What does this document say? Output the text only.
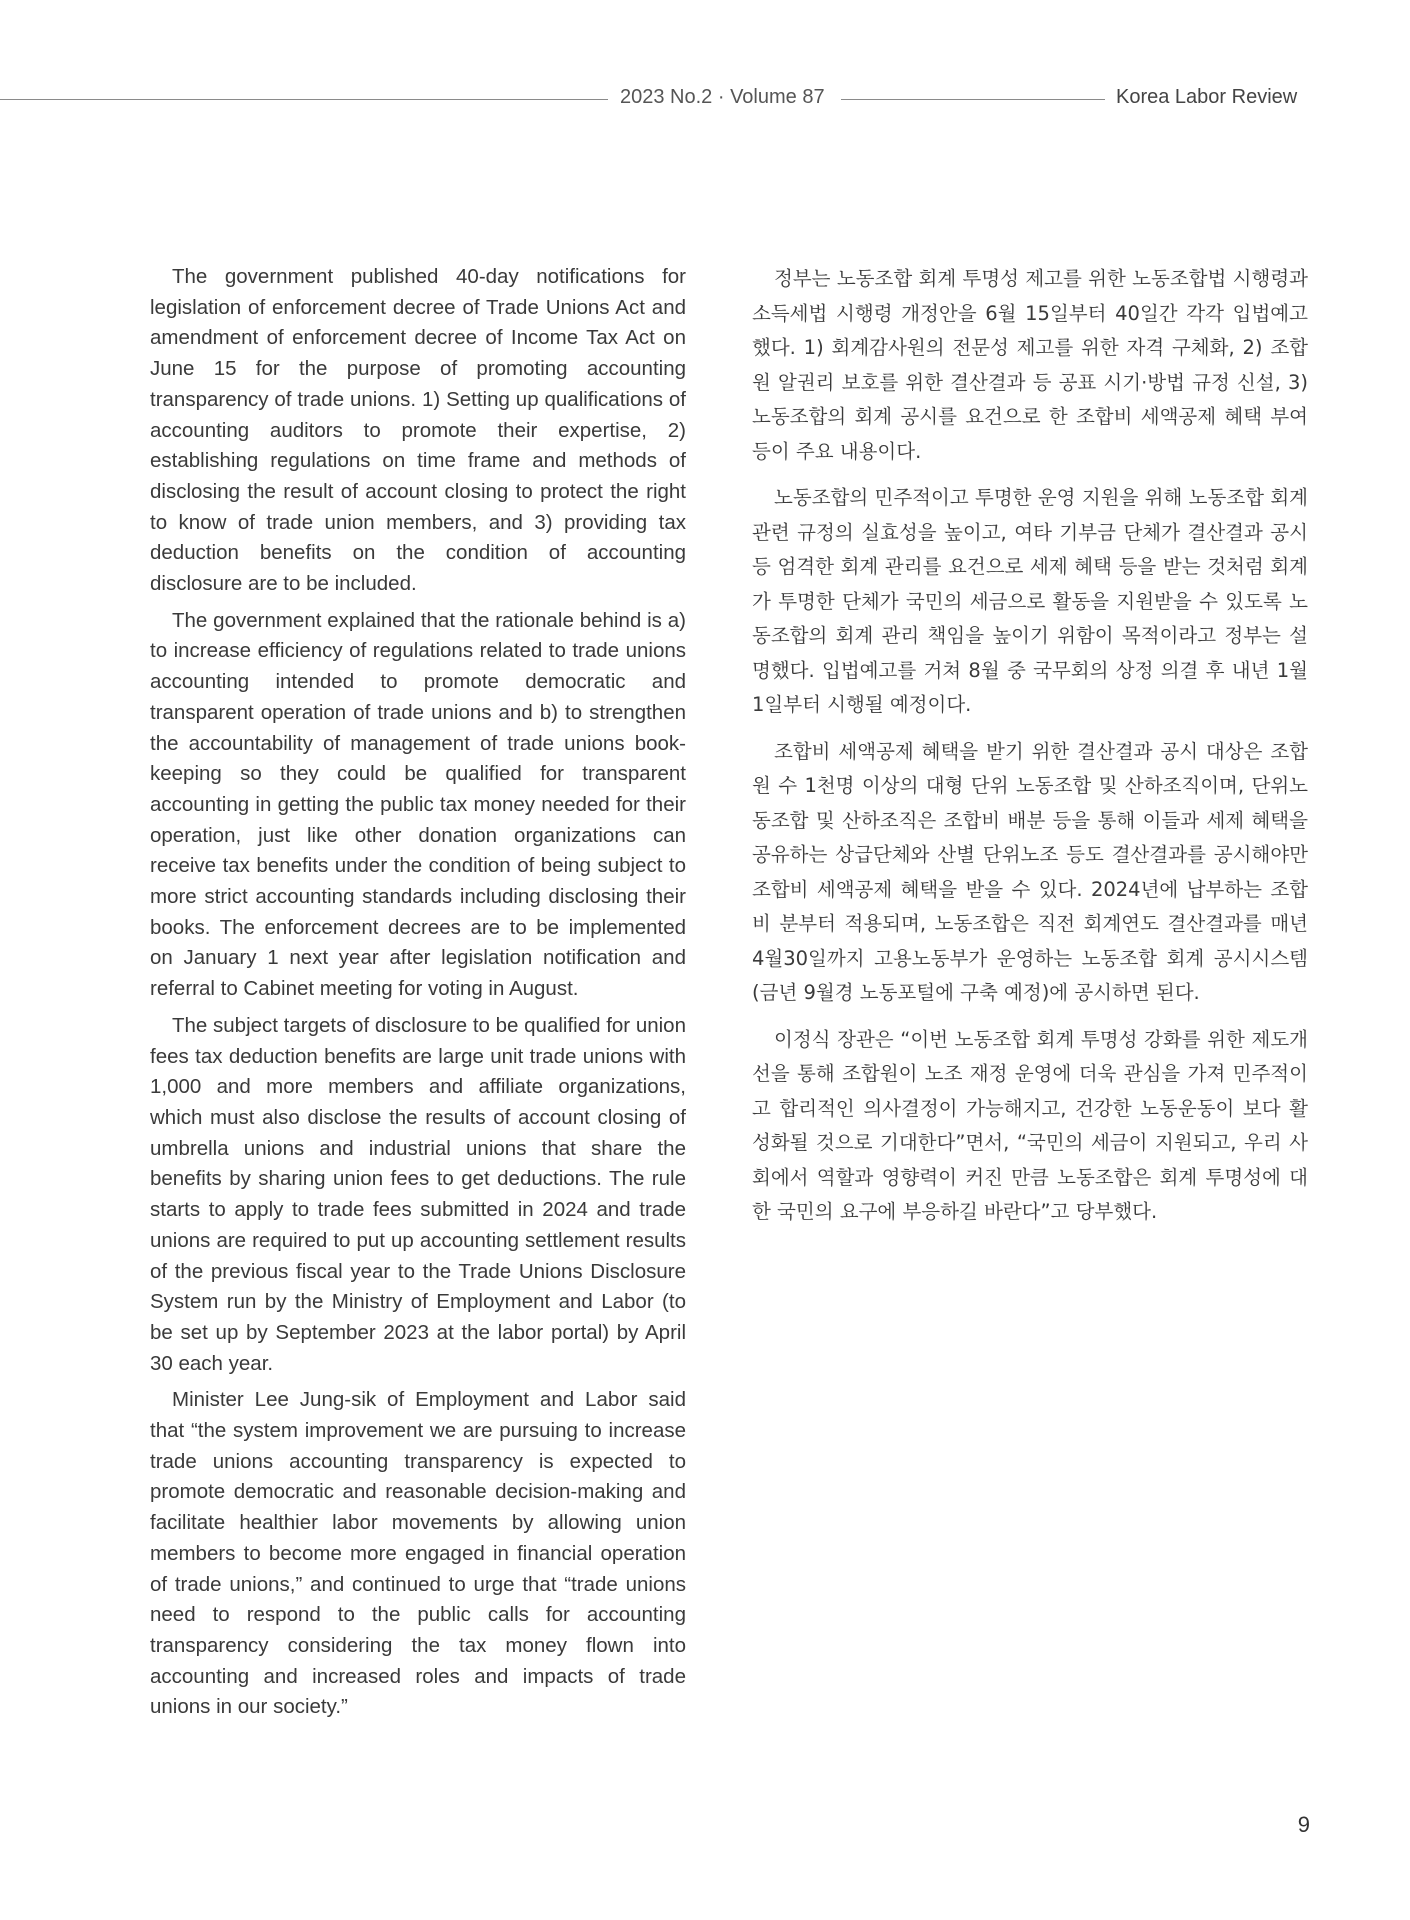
2023 No.2 · Volume 87	Korea Labor Review

The government published 40-day notifications for legislation of enforcement decree of Trade Unions Act and amendment of enforcement decree of Income Tax Act on June 15 for the purpose of promoting accounting transparency of trade unions. 1) Setting up qualifications of accounting auditors to promote their expertise, 2) establishing regulations on time frame and methods of disclosing the result of account closing to protect the right to know of trade union members, and 3) providing tax deduction benefits on the condition of accounting disclosure are to be included.

The government explained that the rationale behind is a) to increase efficiency of regulations related to trade unions accounting intended to promote democratic and transparent operation of trade unions and b) to strengthen the accountability of management of trade unions book-keeping so they could be qualified for transparent accounting in getting the public tax money needed for their operation, just like other donation organizations can receive tax benefits under the condition of being subject to more strict accounting standards including disclosing their books. The enforcement decrees are to be implemented on January 1 next year after legislation notification and referral to Cabinet meeting for voting in August.

The subject targets of disclosure to be qualified for union fees tax deduction benefits are large unit trade unions with 1,000 and more members and affiliate organizations, which must also disclose the results of account closing of umbrella unions and industrial unions that share the benefits by sharing union fees to get deductions. The rule starts to apply to trade fees submitted in 2024 and trade unions are required to put up accounting settlement results of the previous fiscal year to the Trade Unions Disclosure System run by the Ministry of Employment and Labor (to be set up by September 2023 at the labor portal) by April 30 each year.

Minister Lee Jung-sik of Employment and Labor said that “the system improvement we are pursuing to increase trade unions accounting transparency is expected to promote democratic and reasonable decision-making and facilitate healthier labor movements by allowing union members to become more engaged in financial operation of trade unions,” and continued to urge that “trade unions need to respond to the public calls for accounting transparency considering the tax money flown into accounting and increased roles and impacts of trade unions in our society.”

정부는 노동조합 회계 투명성 제고를 위한 노동조합법 시행령과 소득세법 시행령 개정안을 6월 15일부터 40일간 각각 입법예고했다. 1) 회계감사원의 전문성 제고를 위한 자격 구체화, 2) 조합원 알권리 보호를 위한 결산결과 등 공표 시기·방법 규정 신설, 3) 노동조합의 회계 공시를 요건으로 한 조합비 세액공제 혜택 부여 등이 주요 내용이다.

노동조합의 민주적이고 투명한 운영 지원을 위해 노동조합 회계 관련 규정의 실효성을 높이고, 여타 기부금 단체가 결산결과 공시 등 엄격한 회계 관리를 요건으로 세제 혜택 등을 받는 것처럼 회계가 투명한 단체가 국민의 세금으로 활동을 지원받을 수 있도록 노동조합의 회계 관리 책임을 높이기 위함이 목적이라고 정부는 설명했다. 입법예고를 거쳐 8월 중 국무회의 상정 의결 후 내년 1월 1일부터 시행될 예정이다.

조합비 세액공제 혜택을 받기 위한 결산결과 공시 대상은 조합원 수 1천명 이상의 대형 단위 노동조합 및 산하조직이며, 단위노동조합 및 산하조직은 조합비 배분 등을 통해 이들과 세제 혜택을 공유하는 상급단체와 산별 단위노조 등도 결산결과를 공시해야만 조합비 세액공제 혜택을 받을 수 있다. 2024년에 납부하는 조합비 분부터 적용되며, 노동조합은 직전 회계연도 결산결과를 매년 4월30일까지 고용노동부가 운영하는 노동조합 회계 공시시스템(금년 9월경 노동포털에 구축 예정)에 공시하면 된다.

이정식 장관은 “이번 노동조합 회계 투명성 강화를 위한 제도개선을 통해 조합원이 노조 재정 운영에 더욱 관심을 가져 민주적이고 합리적인 의사결정이 가능해지고, 건강한 노동운동이 보다 활성화될 것으로 기대한다”면서, “국민의 세금이 지원되고, 우리 사회에서 역할과 영향력이 커진 만큼 노동조합은 회계 투명성에 대한 국민의 요구에 부응하길 바란다”고 당부했다.

9
